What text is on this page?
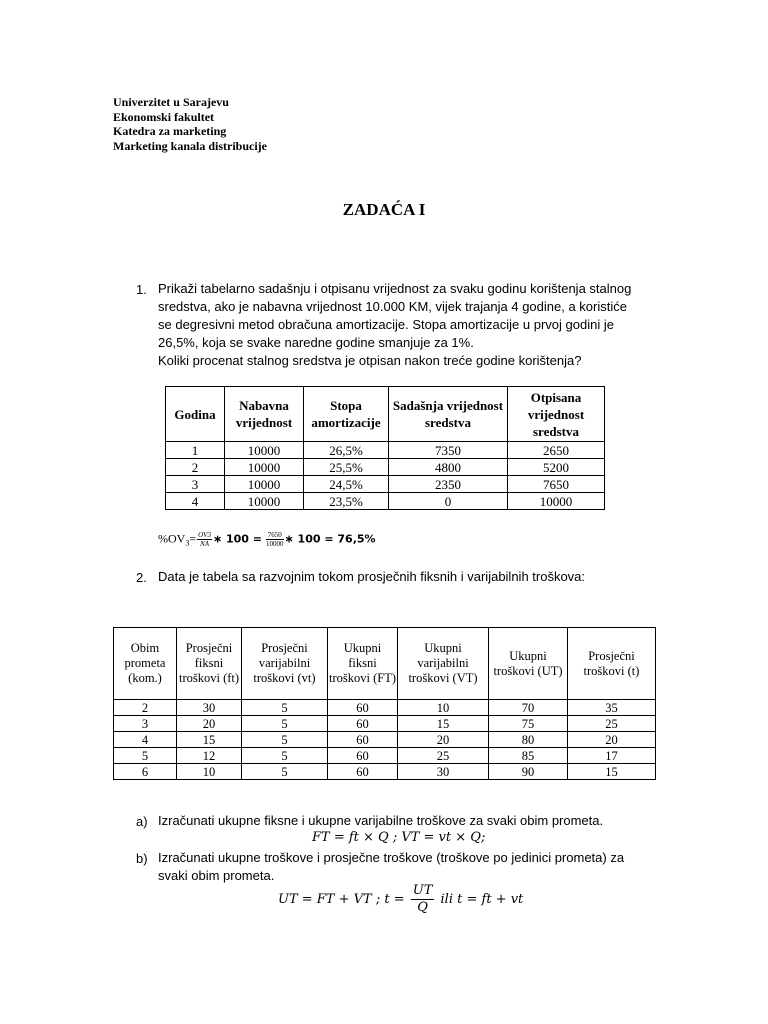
Univerzitet u Sarajevu
Ekonomski fakultet
Katedra za marketing
Marketing kanala distribucije
ZADAĆA I
1. Prikaži tabelarno sadašnju i otpisanu vrijednost za svaku godinu korištenja stalnog
sredstva, ako je nabavna vrijednost 10.000 KM, vijek trajanja 4 godine, a koristiće
se degresivni metod obračuna amortizacije. Stopa amortizacije u prvoj godini je
26,5%, koja se svake naredne godine smanjuje za 1%.
Koliki procenat stalnog sredstva je otpisan nakon treće godine korištenja?
Godina	Nabavna vrijednost	Stopa amortizacije	Sadašnja vrijednost sredstva	Otpisana vrijednost sredstva
1	10000	26,5%	7350	2650
2	10000	25,5%	4800	5200
3	10000	24,5%	2350	7650
4	10000	23,5%	0	10000
$\%OV_3= \frac{OV3}{NA}$ ∗ $100 = \frac{7650}{10000}$ ∗ 100 = 76,5%
2. Data je tabela sa razvojnim tokom prosječnih fiksnih i varijabilnih troškova:
Obim prometa (kom.)	Prosječni fiksni troškovi (ft)	Prosječni varijabilni troškovi (vt)	Ukupni fiksni troškovi (FT)	Ukupni varijabilni troškovi (VT)	Ukupni troškovi (UT)	Prosječni troškovi (t)
2	30	5	60	10	70	35
3	20	5	60	15	75	25
4	15	5	60	20	80	20
5	12	5	60	25	85	17
6	10	5	60	30	90	15
a) Izračunati ukupne fiksne i ukupne varijabilne troškove za svaki obim prometa.
FT = ft × Q ; VT = vt × Q;
b) Izračunati ukupne troškove i prosječne troškove (troškove po jedinici prometa) za
svaki obim prometa.
UT = FT + VT ; $t = \frac{UT}{Q}$ ili t = ft + vt
